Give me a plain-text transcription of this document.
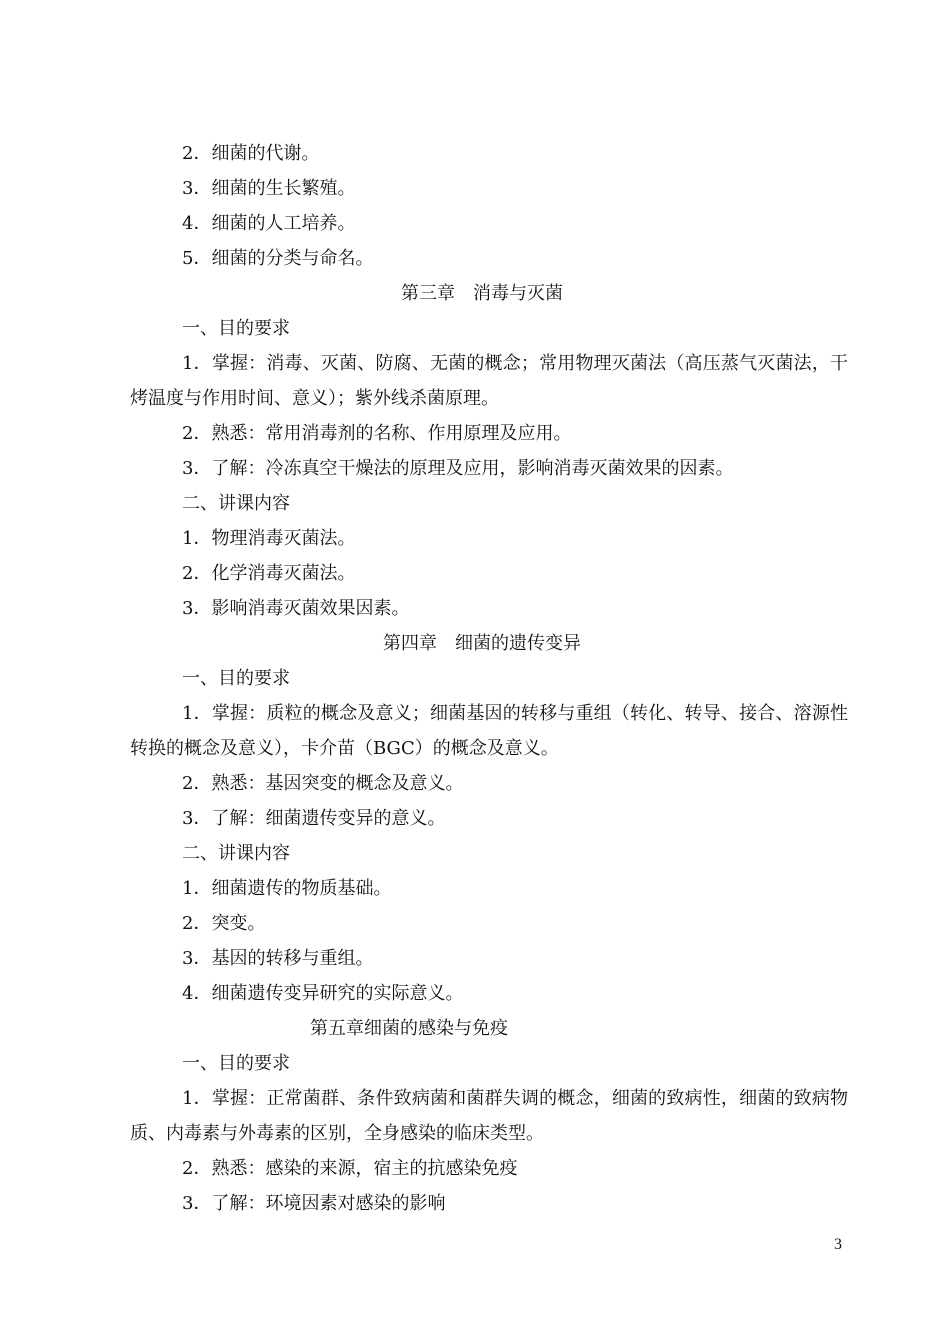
2．细菌的代谢。
3．细菌的生长繁殖。
4．细菌的人工培养。
5．细菌的分类与命名。
第三章　消毒与灭菌
一、目的要求
1．掌握：消毒、灭菌、防腐、无菌的概念；常用物理灭菌法（高压蒸气灭菌法，干烤温度与作用时间、意义）；紫外线杀菌原理。
2．熟悉：常用消毒剂的名称、作用原理及应用。
3．了解：冷冻真空干燥法的原理及应用，影响消毒灭菌效果的因素。
二、讲课内容
1．物理消毒灭菌法。
2．化学消毒灭菌法。
3．影响消毒灭菌效果因素。
第四章　细菌的遗传变异
一、目的要求
1．掌握：质粒的概念及意义；细菌基因的转移与重组（转化、转导、接合、溶源性转换的概念及意义），卡介苗（BGC）的概念及意义。
2．熟悉：基因突变的概念及意义。
3．了解：细菌遗传变异的意义。
二、讲课内容
1．细菌遗传的物质基础。
2．突变。
3．基因的转移与重组。
4．细菌遗传变异研究的实际意义。
第五章细菌的感染与免疫
一、目的要求
1．掌握：正常菌群、条件致病菌和菌群失调的概念，细菌的致病性，细菌的致病物质、内毒素与外毒素的区别，全身感染的临床类型。
2．熟悉：感染的来源，宿主的抗感染免疫
3．了解：环境因素对感染的影响
3
